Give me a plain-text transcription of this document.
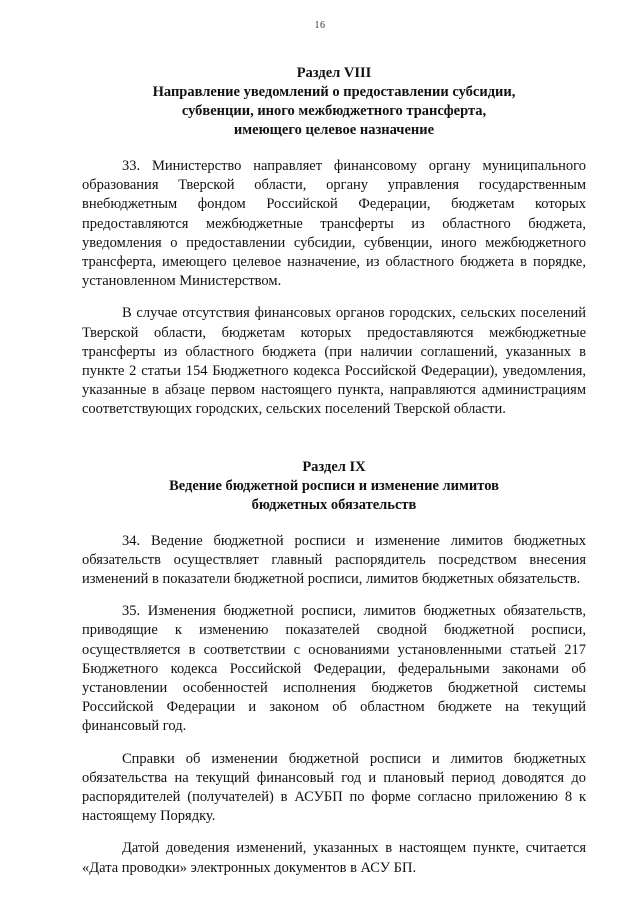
16
Раздел VIII
Направление уведомлений о предоставлении субсидии,
субвенции, иного межбюджетного трансферта,
имеющего целевое назначение

33. Министерство направляет финансовому органу муниципального образования Тверской области, органу управления государственным внебюджетным фондом Российской Федерации, бюджетам которых предоставляются межбюджетные трансферты из областного бюджета, уведомления о предоставлении субсидии, субвенции, иного межбюджетного трансферта, имеющего целевое назначение, из областного бюджета в порядке, установленном Министерством.

В случае отсутствия финансовых органов городских, сельских поселений Тверской области, бюджетам которых предоставляются межбюджетные трансферты из областного бюджета (при наличии соглашений, указанных в пункте 2 статьи 154 Бюджетного кодекса Российской Федерации), уведомления, указанные в абзаце первом настоящего пункта, направляются администрациям соответствующих городских, сельских поселений Тверской области.

Раздел IX
Ведение бюджетной росписи и изменение лимитов
бюджетных обязательств

34. Ведение бюджетной росписи и изменение лимитов бюджетных обязательств осуществляет главный распорядитель посредством внесения изменений в показатели бюджетной росписи, лимитов бюджетных обязательств.

35. Изменения бюджетной росписи, лимитов бюджетных обязательств, приводящие к изменению показателей сводной бюджетной росписи, осуществляется в соответствии с основаниями установленными статьей 217 Бюджетного кодекса Российской Федерации, федеральными законами об установлении особенностей исполнения бюджетов бюджетной системы Российской Федерации и законом об областном бюджете на текущий финансовый год.

Справки об изменении бюджетной росписи и лимитов бюджетных обязательства на текущий финансовый год и плановый период доводятся до распорядителей (получателей) в АСУБП по форме согласно приложению 8 к настоящему Порядку.

Датой доведения изменений, указанных в настоящем пункте, считается «Дата проводки» электронных документов в АСУ БП.
